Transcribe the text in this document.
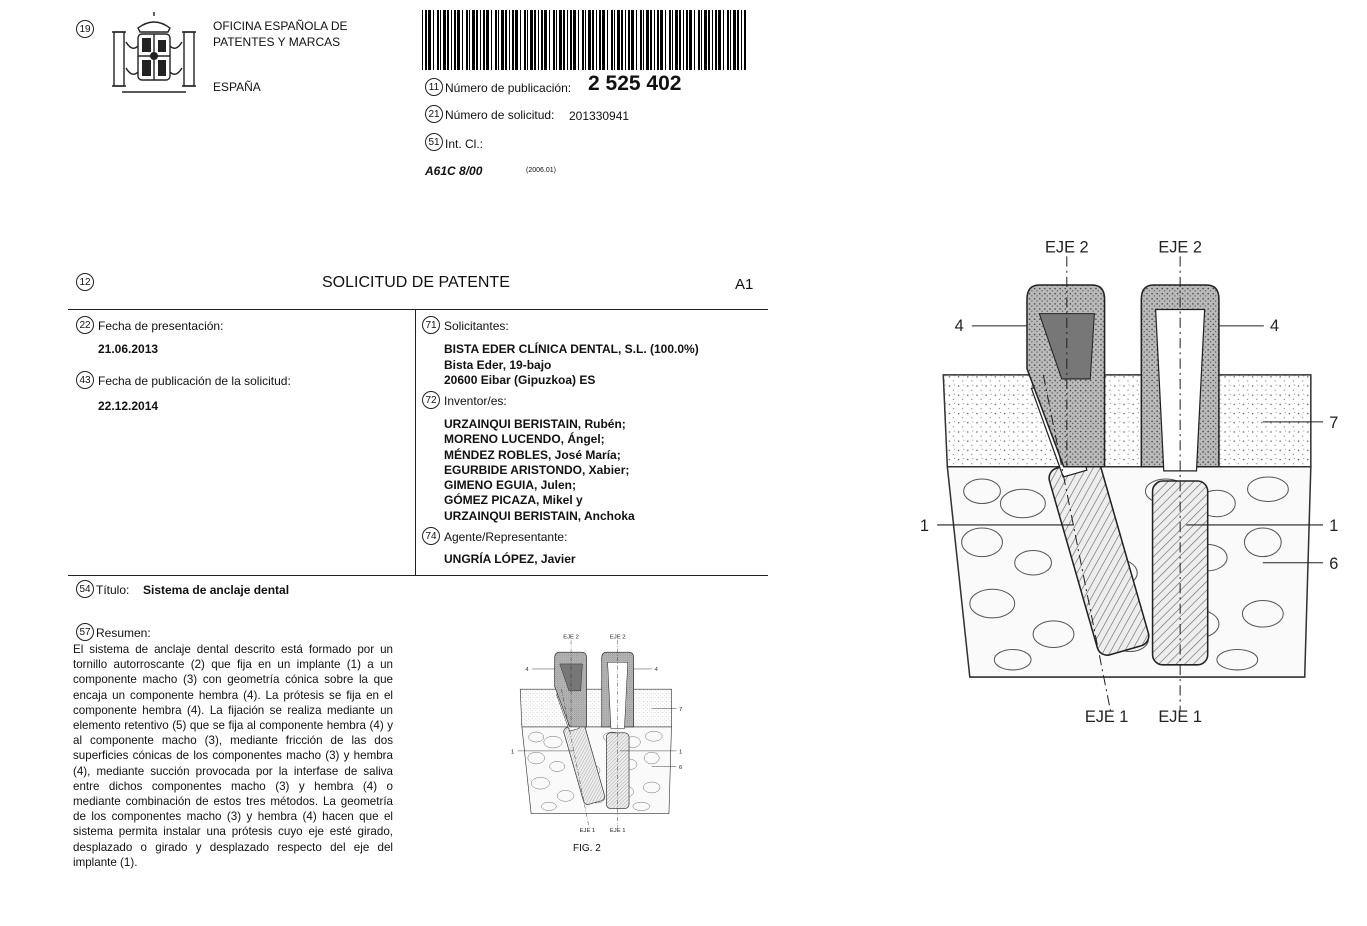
19	OFICINA ESPAÑOLA DE
PATENTES Y MARCAS
ESPAÑA	11 Número de publicación: 2 525 402
21 Número de solicitud: 201330941
51 Int. Cl.:
A61C 8/00	(2006.01)
12	SOLICITUD DE PATENTE	A1
22 Fecha de presentación:
21.06.2013
43 Fecha de publicación de la solicitud:
22.12.2014
71 Solicitantes:
BISTA EDER CLÍNICA DENTAL, S.L. (100.0%)
Bista Eder, 19-bajo
20600 Eibar (Gipuzkoa) ES
72 Inventor/es:
URZAINQUI BERISTAIN, Rubén;
MORENO LUCENDO, Ángel;
MÉNDEZ ROBLES, José María;
EGURBIDE ARISTONDO, Xabier;
GIMENO EGUIA, Julen;
GÓMEZ PICAZA, Mikel y
URZAINQUI BERISTAIN, Anchoka
74 Agente/Representante:
UNGRÍA LÓPEZ, Javier
54 Título: Sistema de anclaje dental
57 Resumen:
El sistema de anclaje dental descrito está formado por un tornillo autorroscante (2) que fija en un implante (1) a un componente macho (3) con geometría cónica sobre la que encaja un componente hembra (4). La prótesis se fija en el componente hembra (4). La fijación se realiza mediante un elemento retentivo (5) que se fija al componente hembra (4) y al componente macho (3), mediante fricción de las dos superficies cónicas de los componentes macho (3) y hembra (4), mediante succión provocada por la interfase de saliva entre dichos componentes macho (3) y hembra (4) o mediante combinación de estos tres métodos. La geometría de los componentes macho (3) y hembra (4) hacen que el sistema permita instalar una prótesis cuyo eje esté girado, desplazado o girado y desplazado respecto del eje del implante (1).
EJE 2 EJE 2
4	4
7
1	1
6
EJE 1 EJE 1
FIG. 2
EJE 2	EJE 2
4	4
7
1	1
6
EJE 1 EJE 1
